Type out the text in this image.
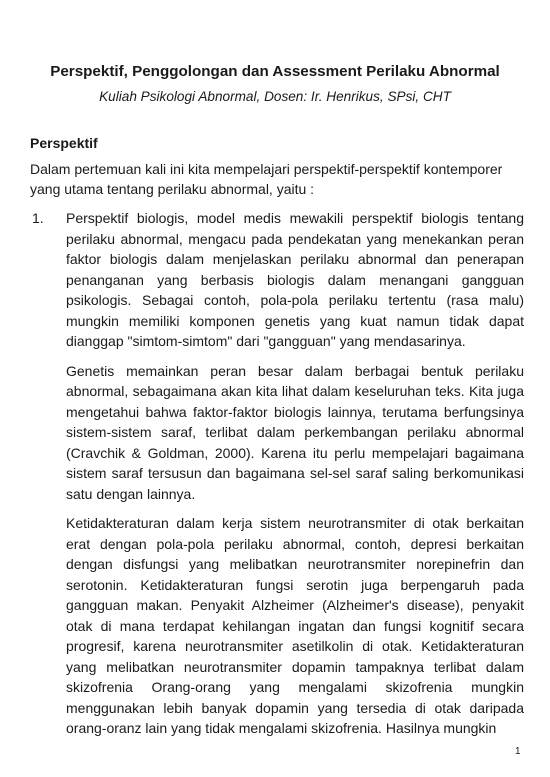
Perspektif, Penggolongan dan Assessment Perilaku Abnormal

Kuliah Psikologi Abnormal, Dosen: Ir. Henrikus, SPsi, CHT

Perspektif

Dalam pertemuan kali ini kita mempelajari perspektif-perspektif kontemporer yang utama tentang perilaku abnormal, yaitu :

1. Perspektif biologis, model medis mewakili perspektif biologis tentang perilaku abnormal, mengacu pada pendekatan yang menekankan peran faktor biologis dalam menjelaskan perilaku abnormal dan penerapan penanganan yang berbasis biologis dalam menangani gangguan psikologis. Sebagai contoh, pola-pola perilaku tertentu (rasa malu) mungkin memiliki komponen genetis yang kuat namun tidak dapat dianggap "simtom-simtom" dari "gangguan" yang mendasarinya.

Genetis memainkan peran besar dalam berbagai bentuk perilaku abnormal, sebagaimana akan kita lihat dalam keseluruhan teks. Kita juga mengetahui bahwa faktor-faktor biologis lainnya, terutama berfungsinya sistem-sistem saraf, terlibat dalam perkembangan perilaku abnormal (Cravchik & Goldman, 2000). Karena itu perlu mempelajari bagaimana sistem saraf tersusun dan bagaimana sel-sel saraf saling berkomunikasi satu dengan lainnya.

Ketidakteraturan dalam kerja sistem neurotransmiter di otak berkaitan erat dengan pola-pola perilaku abnormal, contoh, depresi berkaitan dengan disfungsi yang melibatkan neurotransmiter norepinefrin dan serotonin. Ketidakteraturan fungsi serotin juga berpengaruh pada gangguan makan. Penyakit Alzheimer (Alzheimer's disease), penyakit otak di mana terdapat kehilangan ingatan dan fungsi kognitif secara progresif, karena neurotransmiter asetilkolin di otak. Ketidakteraturan yang melibatkan neurotransmiter dopamin tampaknya terlibat dalam skizofrenia Orang-orang yang mengalami skizofrenia mungkin menggunakan lebih banyak dopamin yang tersedia di otak daripada orang-oranz lain yang tidak mengalami skizofrenia. Hasilnya mungkin

1
